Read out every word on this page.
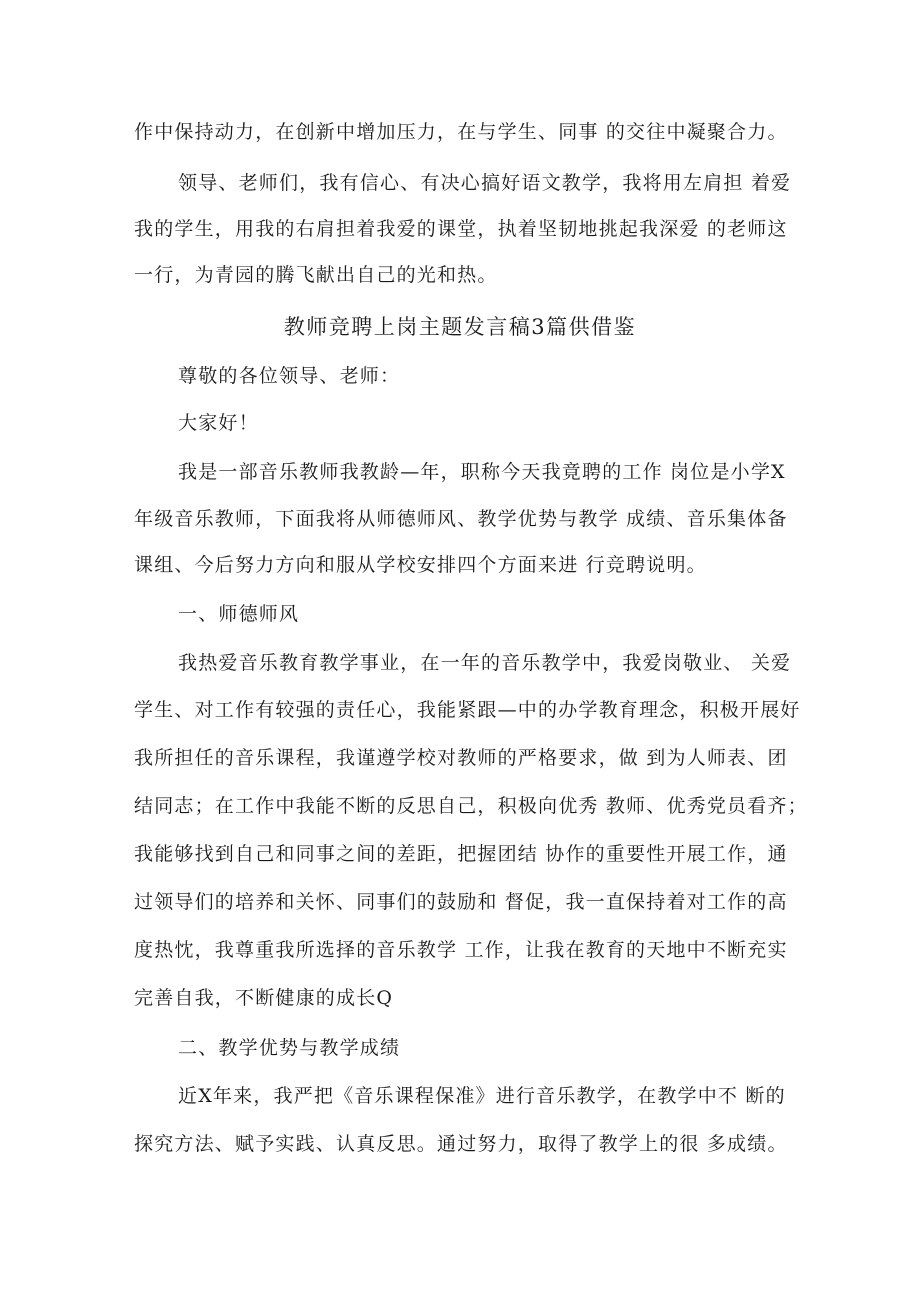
作中保持动力，在创新中增加压力，在与学生、同事 的交往中凝聚合力。
领导、老师们，我有信心、有决心搞好语文教学，我将用左肩担 着爱
我的学生，用我的右肩担着我爱的课堂，执着坚韧地挑起我深爱 的老师这
一行，为青园的腾飞献出自己的光和热。
教师竞聘上岗主题发言稿3篇供借鉴
尊敬的各位领导、老师：
大家好！
我是一部音乐教师我教龄—年，职称今天我竟聘的工作 岗位是小学X
年级音乐教师，下面我将从师德师风、教学优势与教学 成绩、音乐集体备
课组、今后努力方向和服从学校安排四个方面来进 行竞聘说明。
一、师德师风
我热爱音乐教育教学事业，在一年的音乐教学中，我爱岗敬业、 关爱
学生、对工作有较强的责任心，我能紧跟—中的办学教育理念，积极开展好
我所担任的音乐课程，我谨遵学校对教师的严格要求，做 到为人师表、团
结同志；在工作中我能不断的反思自己，积极向优秀 教师、优秀党员看齐；
我能够找到自己和同事之间的差距，把握团结 协作的重要性开展工作，通
过领导们的培养和关怀、同事们的鼓励和 督促，我一直保持着对工作的高
度热忱，我尊重我所选择的音乐教学 工作，让我在教育的天地中不断充实
完善自我，不断健康的成长Q
二、教学优势与教学成绩
近X年来，我严把《音乐课程保准》进行音乐教学，在教学中不 断的
探究方法、赋予实践、认真反思。通过努力，取得了教学上的很 多成绩。
